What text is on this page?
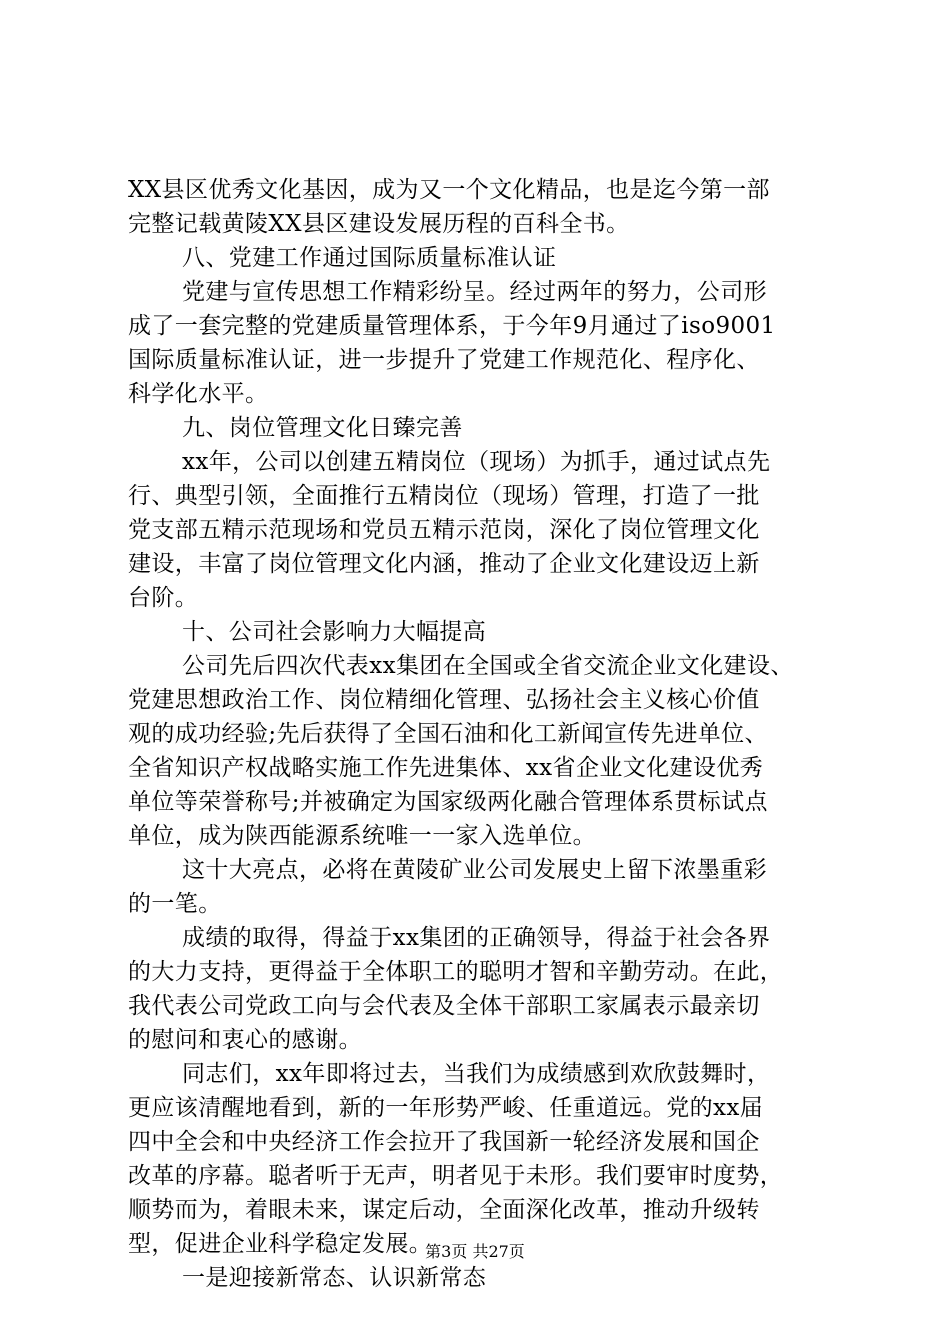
XX县区优秀文化基因，成为又一个文化精品，也是迄今第一部
完整记载黄陵XX县区建设发展历程的百科全书。
八、党建工作通过国际质量标准认证
党建与宣传思想工作精彩纷呈。经过两年的努力，公司形
成了一套完整的党建质量管理体系，于今年9月通过了iso9001
国际质量标准认证，进一步提升了党建工作规范化、程序化、
科学化水平。
九、岗位管理文化日臻完善
xx年，公司以创建五精岗位（现场）为抓手，通过试点先
行、典型引领，全面推行五精岗位（现场）管理，打造了一批
党支部五精示范现场和党员五精示范岗，深化了岗位管理文化
建设，丰富了岗位管理文化内涵，推动了企业文化建设迈上新
台阶。
十、公司社会影响力大幅提高
公司先后四次代表xx集团在全国或全省交流企业文化建设、
党建思想政治工作、岗位精细化管理、弘扬社会主义核心价值
观的成功经验;先后获得了全国石油和化工新闻宣传先进单位、
全省知识产权战略实施工作先进集体、xx省企业文化建设优秀
单位等荣誉称号;并被确定为国家级两化融合管理体系贯标试点
单位，成为陕西能源系统唯一一家入选单位。
这十大亮点，必将在黄陵矿业公司发展史上留下浓墨重彩
的一笔。
成绩的取得，得益于xx集团的正确领导，得益于社会各界
的大力支持，更得益于全体职工的聪明才智和辛勤劳动。在此，
我代表公司党政工向与会代表及全体干部职工家属表示最亲切
的慰问和衷心的感谢。
同志们，xx年即将过去，当我们为成绩感到欢欣鼓舞时，
更应该清醒地看到，新的一年形势严峻、任重道远。党的xx届
四中全会和中央经济工作会拉开了我国新一轮经济发展和国企
改革的序幕。聪者听于无声，明者见于未形。我们要审时度势，
顺势而为，着眼未来，谋定后动，全面深化改革，推动升级转
型，促进企业科学稳定发展。
一是迎接新常态、认识新常态
第3页 共27页
